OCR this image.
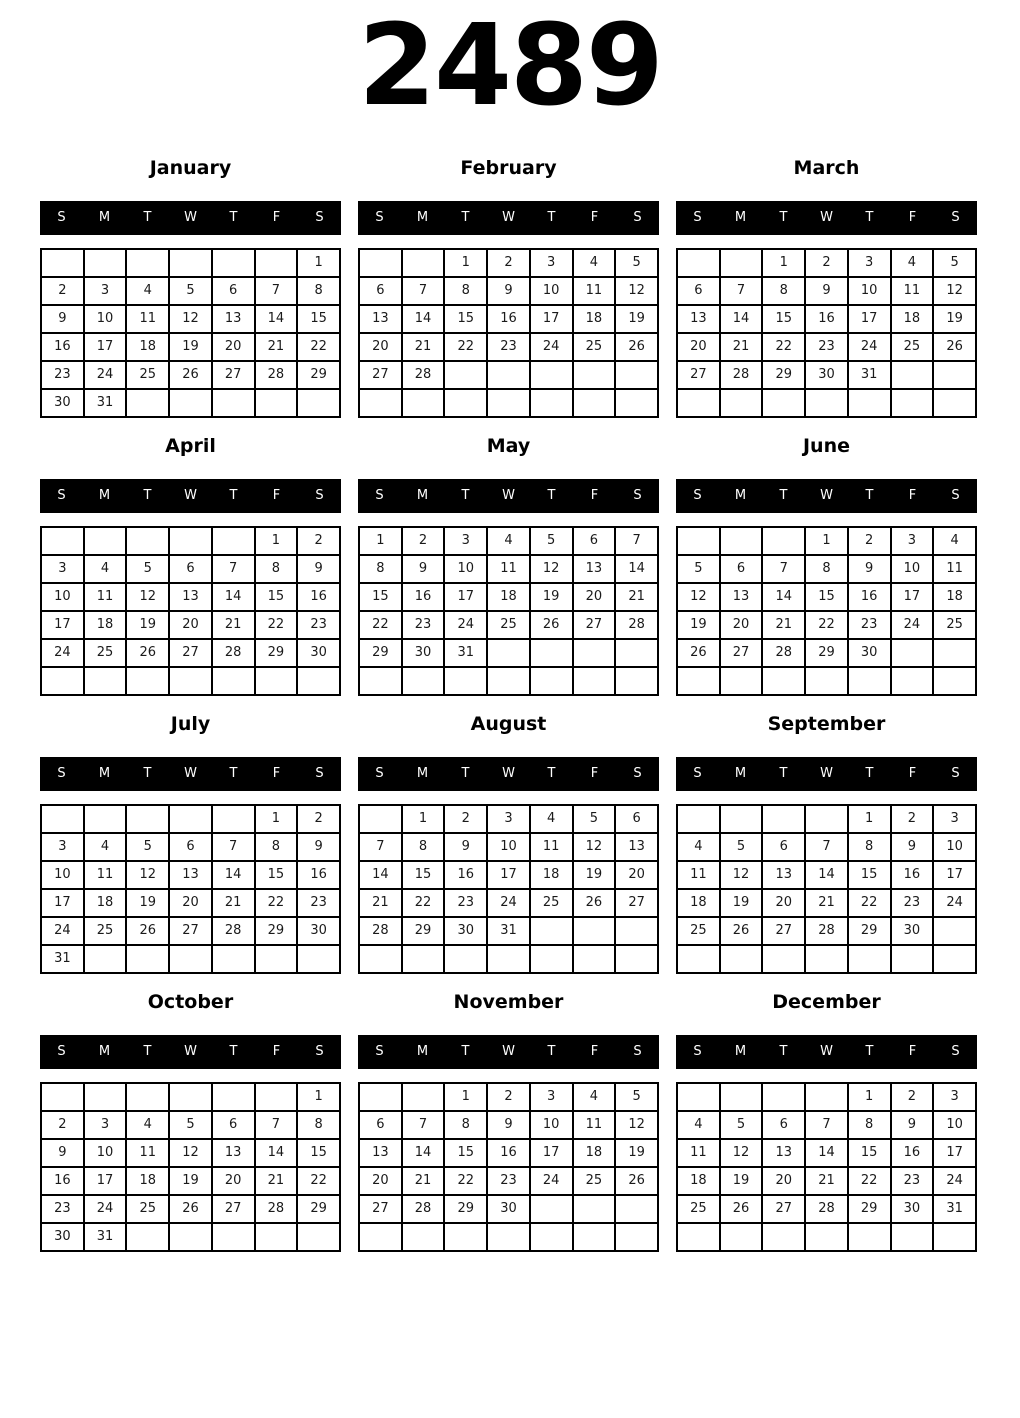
2489
January
S	M	T	W	T	F	S
						1
2	3	4	5	6	7	8
9	10	11	12	13	14	15
16	17	18	19	20	21	22
23	24	25	26	27	28	29
30	31					
February
S	M	T	W	T	F	S
		1	2	3	4	5
6	7	8	9	10	11	12
13	14	15	16	17	18	19
20	21	22	23	24	25	26
27	28					

March
S	M	T	W	T	F	S
		1	2	3	4	5
6	7	8	9	10	11	12
13	14	15	16	17	18	19
20	21	22	23	24	25	26
27	28	29	30	31		

April
S	M	T	W	T	F	S
					1	2
3	4	5	6	7	8	9
10	11	12	13	14	15	16
17	18	19	20	21	22	23
24	25	26	27	28	29	30

May
S	M	T	W	T	F	S
1	2	3	4	5	6	7
8	9	10	11	12	13	14
15	16	17	18	19	20	21
22	23	24	25	26	27	28
29	30	31				

June
S	M	T	W	T	F	S
			1	2	3	4
5	6	7	8	9	10	11
12	13	14	15	16	17	18
19	20	21	22	23	24	25
26	27	28	29	30		

July
S	M	T	W	T	F	S
					1	2
3	4	5	6	7	8	9
10	11	12	13	14	15	16
17	18	19	20	21	22	23
24	25	26	27	28	29	30
31						
August
S	M	T	W	T	F	S
	1	2	3	4	5	6
7	8	9	10	11	12	13
14	15	16	17	18	19	20
21	22	23	24	25	26	27
28	29	30	31			

September
S	M	T	W	T	F	S
				1	2	3
4	5	6	7	8	9	10
11	12	13	14	15	16	17
18	19	20	21	22	23	24
25	26	27	28	29	30	

October
S	M	T	W	T	F	S
						1
2	3	4	5	6	7	8
9	10	11	12	13	14	15
16	17	18	19	20	21	22
23	24	25	26	27	28	29
30	31					
November
S	M	T	W	T	F	S
		1	2	3	4	5
6	7	8	9	10	11	12
13	14	15	16	17	18	19
20	21	22	23	24	25	26
27	28	29	30			

December
S	M	T	W	T	F	S
				1	2	3
4	5	6	7	8	9	10
11	12	13	14	15	16	17
18	19	20	21	22	23	24
25	26	27	28	29	30	31
